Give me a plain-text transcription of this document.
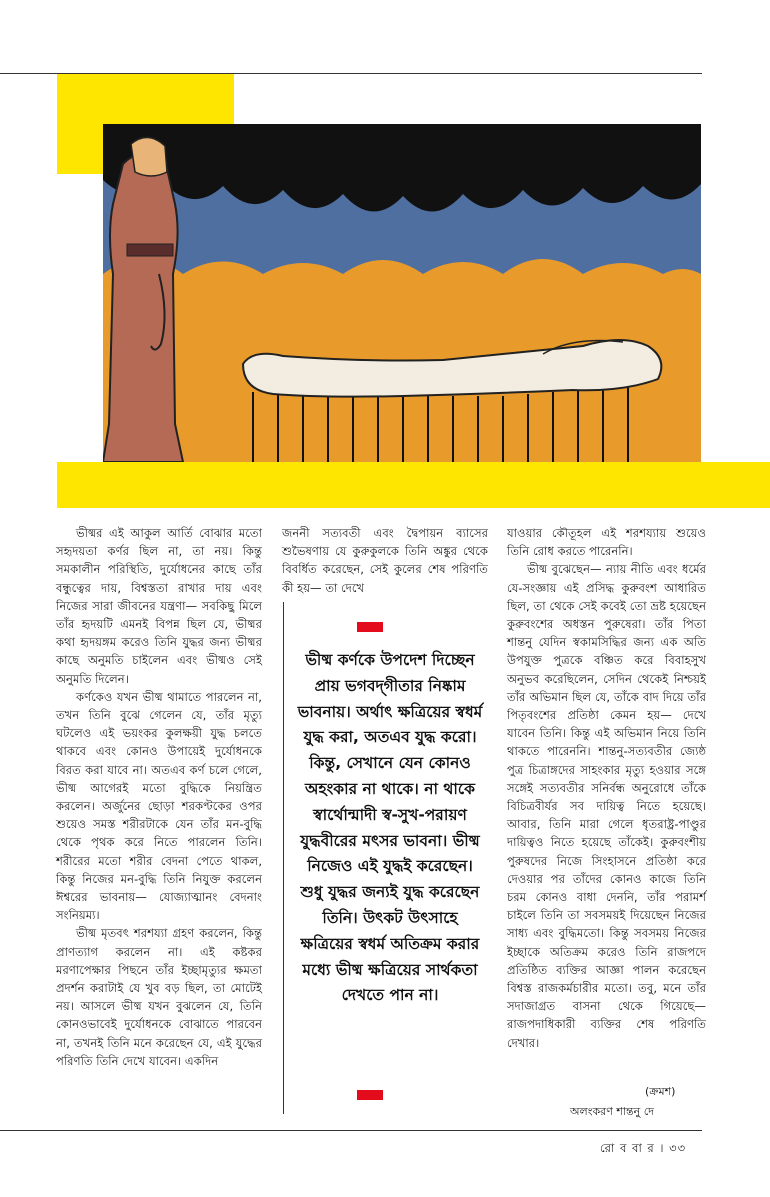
ভীষ্মর এই আকুল আর্তি বোঝার মতো সহৃদয়তা কর্ণর ছিল না, তা নয়। কিন্তু সমকালীন পরিস্থিতি, দুর্যোধনের কাছে তাঁর বন্ধুত্বের দায়, বিশ্বস্ততা রাখার দায় এবং নিজের সারা জীবনের যন্ত্রণা— সবকিছু মিলে তাঁর হৃদয়টি এমনই বিপন্ন ছিল যে, ভীষ্মর কথা হৃদয়ঙ্গম করেও তিনি যুদ্ধর জন্য ভীষ্মর কাছে অনুমতি চাইলেন এবং ভীষ্মও সেই অনুমতি দিলেন।

কর্ণকেও যখন ভীষ্ম থামাতে পারলেন না, তখন তিনি বুঝে গেলেন যে, তাঁর মৃত্যু ঘটলেও এই ভয়ংকর কুলক্ষয়ী যুদ্ধ চলতে থাকবে এবং কোনও উপায়েই দুর্যোধনকে বিরত করা যাবে না। অতএব কর্ণ চলে গেলে, ভীষ্ম আগেরই মতো বুদ্ধিকে নিয়ন্ত্রিত করলেন। অর্জুনের ছোড়া শরকণ্টকের ওপর শুয়েও সমস্ত শরীরটাকে যেন তাঁর মন-বুদ্ধি থেকে পৃথক করে নিতে পারলেন তিনি। শরীরের মতো শরীর বেদনা পেতে থাকল, কিন্তু নিজের মন-বুদ্ধি তিনি নিযুক্ত করলেন ঈশ্বরের ভাবনায়— যোজ্যাত্মানং বেদনাং সংনিয়ম্য।

ভীষ্ম মৃতবৎ শরশয্যা গ্রহণ করলেন, কিন্তু প্রাণত্যাগ করলেন না। এই কষ্টকর মরণাপেক্ষার পিছনে তাঁর ইচ্ছামৃত্যুর ক্ষমতা প্রদর্শন করাটাই যে খুব বড় ছিল, তা মোটেই নয়। আসলে ভীষ্ম যখন বুঝলেন যে, তিনি কোনওভাবেই দুর্যোধনকে বোঝাতে পারবেন না, তখনই তিনি মনে করেছেন যে, এই যুদ্ধের পরিণতি তিনি দেখে যাবেন। একদিন

জননী সত্যবতী এবং দ্বৈপায়ন ব্যাসের শুভৈষণায় যে কুরুকুলকে তিনি অঙ্কুর থেকে বিবর্ধিত করেছেন, সেই কুলের শেষ পরিণতি কী হয়— তা দেখে

ভীষ্ম কর্ণকে উপদেশ দিচ্ছেন প্রায় ভগবদ্‌গীতার নিষ্কাম ভাবনায়। অর্থাৎ ক্ষত্রিয়ের স্বধর্ম যুদ্ধ করা, অতএব যুদ্ধ করো। কিন্তু, সেখানে যেন কোনও অহংকার না থাকে। না থাকে স্বার্থোন্মাদী স্ব-সুখ-পরায়ণ যুদ্ধবীরের মৎসর ভাবনা। ভীষ্ম নিজেও এই যুদ্ধই করেছেন। শুধু যুদ্ধর জন্যই যুদ্ধ করেছেন তিনি। উৎকট উৎসাহে ক্ষত্রিয়ের স্বধর্ম অতিক্রম করার মধ্যে ভীষ্ম ক্ষত্রিয়ের সার্থকতা দেখতে পান না।

যাওয়ার কৌতূহল এই শরশয্যায় শুয়েও তিনি রোধ করতে পারেননি।

ভীষ্ম বুঝেছেন— ন্যায় নীতি এবং ধর্মের যে-সংজ্ঞায় এই প্রসিদ্ধ কুরুবংশ আধারিত ছিল, তা থেকে সেই কবেই তো ভ্রষ্ট হয়েছেন কুরুবংশের অধস্তন পুরুষেরা। তাঁর পিতা শান্তনু যেদিন স্বকামসিদ্ধির জন্য এক অতি উপযুক্ত পুত্রকে বঞ্চিত করে বিবাহসুখ অনুভব করেছিলেন, সেদিন থেকেই নিশ্চয়ই তাঁর অভিমান ছিল যে, তাঁকে বাদ দিয়ে তাঁর পিতৃবংশের প্রতিষ্ঠা কেমন হয়— দেখে যাবেন তিনি। কিন্তু এই অভিমান নিয়ে তিনি থাকতে পারেননি। শান্তনু-সত্যবতীর জ্যেষ্ঠ পুত্র চিত্রাঙ্গদের সাহংকার মৃত্যু হওয়ার সঙ্গে সঙ্গেই সত্যবতীর সনির্বন্ধ অনুরোধে তাঁকে বিচিত্রবীর্যর সব দায়িত্ব নিতে হয়েছে। আবার, তিনি মারা গেলে ধৃতরাষ্ট্র-পাণ্ডুর দায়িত্বও নিতে হয়েছে তাঁকেই। কুরুবংশীয় পুরুষদের নিজে সিংহাসনে প্রতিষ্ঠা করে দেওয়ার পর তাঁদের কোনও কাজে তিনি চরম কোনও বাধা দেননি, তাঁর পরামর্শ চাইলে তিনি তা সবসময়ই দিয়েছেন নিজের সাধ্য এবং বুদ্ধিমতো। কিন্তু সবসময় নিজের ইচ্ছাকে অতিক্রম করেও তিনি রাজপদে প্রতিষ্ঠিত ব্যক্তির আজ্ঞা পালন করেছেন বিশ্বস্ত রাজকর্মচারীর মতো। তবু, মনে তাঁর সদাজাগ্রত বাসনা থেকে গিয়েছে— রাজপদাধিকারী ব্যক্তির শেষ পরিণতি দেখার।

(ক্রমশ)
অলংকরণ শান্তনু দে
রো ব বা র । ৩৩
